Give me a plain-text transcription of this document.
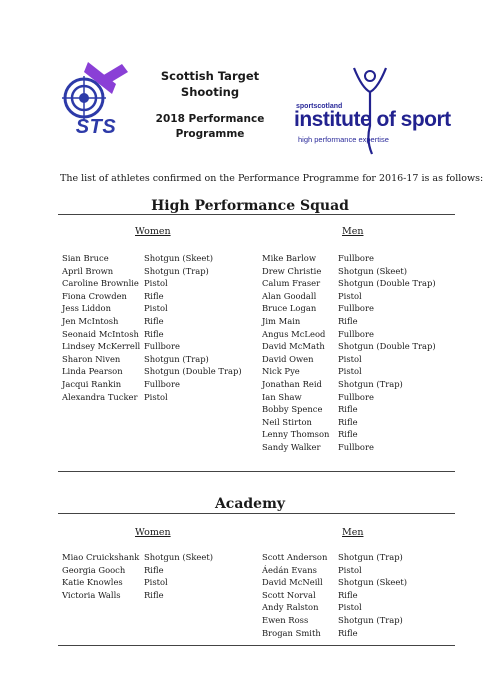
STS
Scottish Target
Shooting
2018 Performance
Programme
sportscotland
institute of sport
high performance expertise
The list of athletes confirmed on the Performance Programme for 2016-17 is as follows:
High Performance Squad
Women	Men
Sian Bruce	Shotgun (Skeet)
April Brown	Shotgun (Trap)
Caroline Brownlie Pistol
Fiona Crowden	Rifle
Jess Liddon	Pistol
Jen McIntosh	Rifle
Seonaid McIntosh Rifle
Lindsey McKerrell Fullbore
Sharon Niven	Shotgun (Trap)
Linda Pearson	Shotgun (Double Trap)
Jacqui Rankin	Fullbore
Alexandra Tucker Pistol
Mike Barlow	Fullbore
Drew Christie	Shotgun (Skeet)
Calum Fraser	Shotgun (Double Trap)
Alan Goodall	Pistol
Bruce Logan	Fullbore
Jim Main	Rifle
Angus McLeod	Fullbore
David McMath	Shotgun (Double Trap)
David Owen	Pistol
Nick Pye	Pistol
Jonathan Reid	Shotgun (Trap)
Ian Shaw	Fullbore
Bobby Spence	Rifle
Neil Stirton	Rifle
Lenny Thomson	Rifle
Sandy Walker	Fullbore
Academy
Women	Men
Miao Cruickshank Shotgun (Skeet)
Georgia Gooch	Rifle
Katie Knowles	Pistol
Victoria Walls	Rifle
Scott Anderson	Shotgun (Trap)
Áedán Evans	Pistol
David McNeill	Shotgun (Skeet)
Scott Norval	Rifle
Andy Ralston	Pistol
Ewen Ross	Shotgun (Trap)
Brogan Smith	Rifle
